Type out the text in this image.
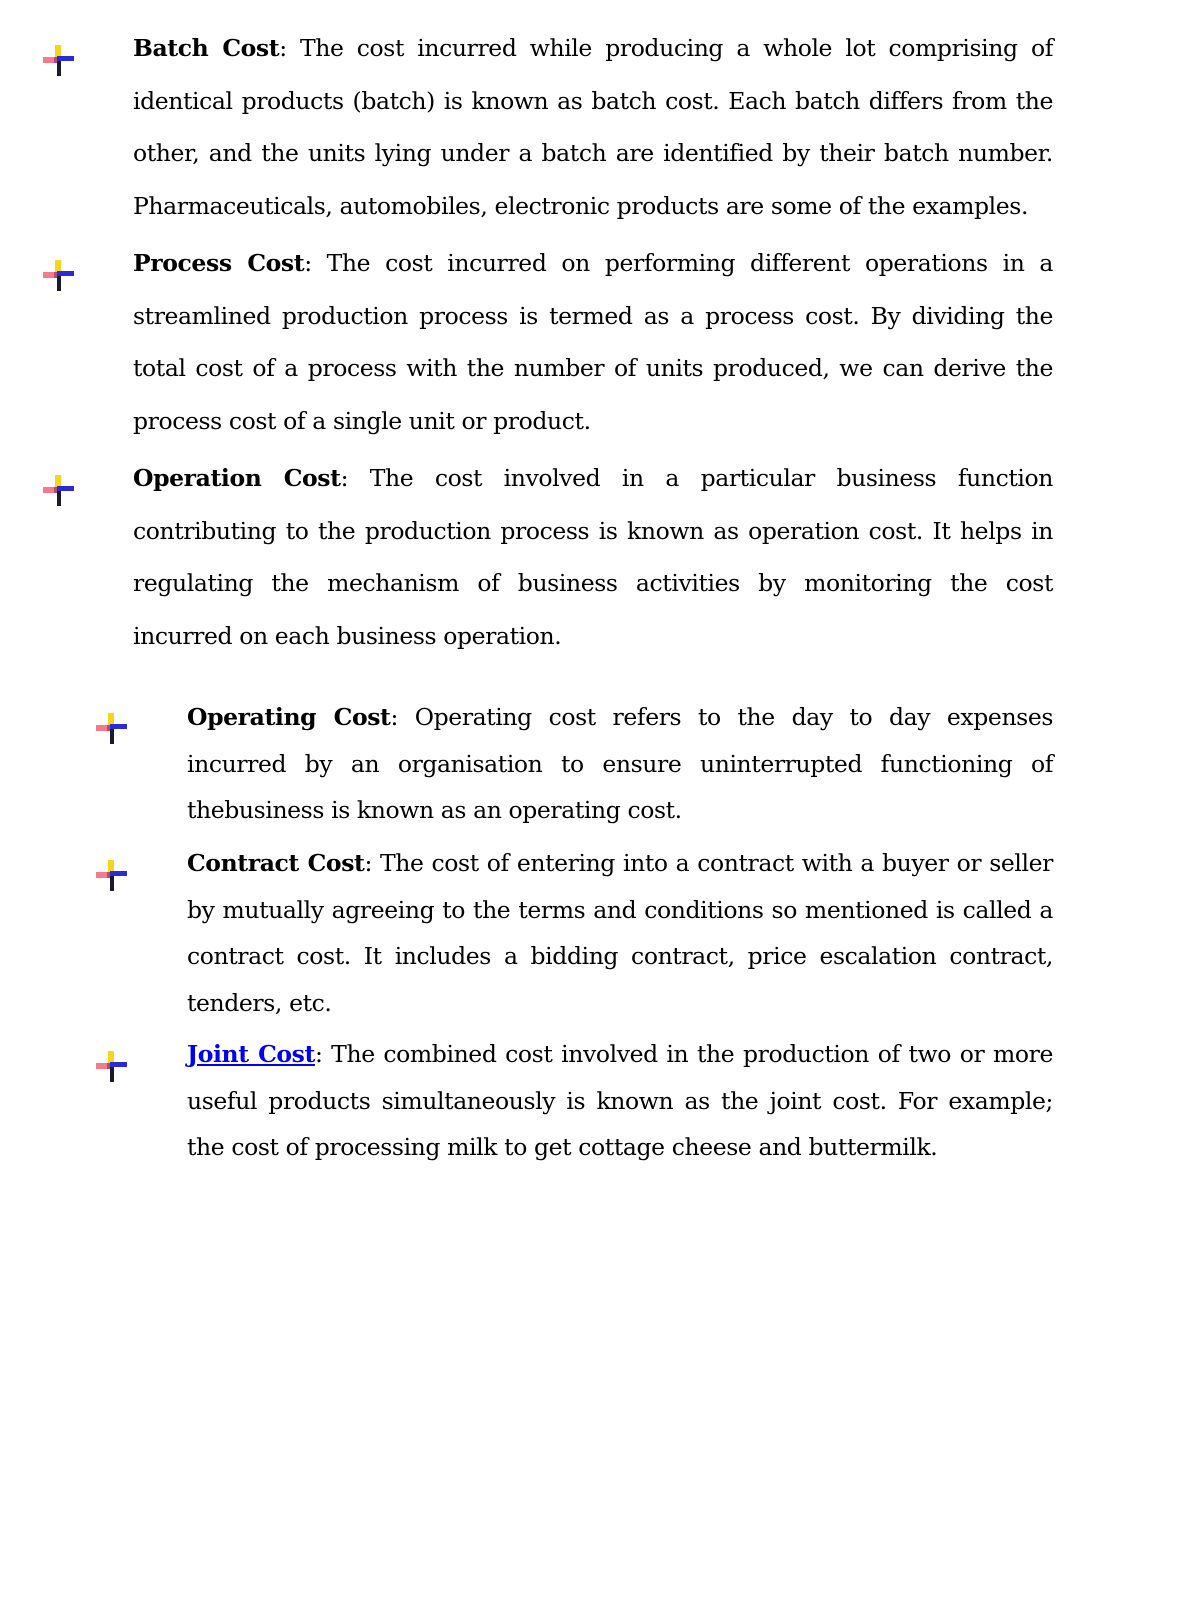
Batch Cost: The cost incurred while producing a whole lot comprising of identical products (batch) is known as batch cost. Each batch differs from the other, and the units lying under a batch are identified by their batch number. Pharmaceuticals, automobiles, electronic products are some of the examples.

Process Cost: The cost incurred on performing different operations in a streamlined production process is termed as a process cost. By dividing the total cost of a process with the number of units produced, we can derive the process cost of a single unit or product.

Operation Cost: The cost involved in a particular business function contributing to the production process is known as operation cost. It helps in regulating the mechanism of business activities by monitoring the cost incurred on each business operation.

Operating Cost: Operating cost refers to the day to day expenses incurred by an organisation to ensure uninterrupted functioning of thebusiness is known as an operating cost.

Contract Cost: The cost of entering into a contract with a buyer or seller by mutually agreeing to the terms and conditions so mentioned is called a contract cost. It includes a bidding contract, price escalation contract, tenders, etc.

Joint Cost: The combined cost involved in the production of two or more useful products simultaneously is known as the joint cost. For example; the cost of processing milk to get cottage cheese and buttermilk.
